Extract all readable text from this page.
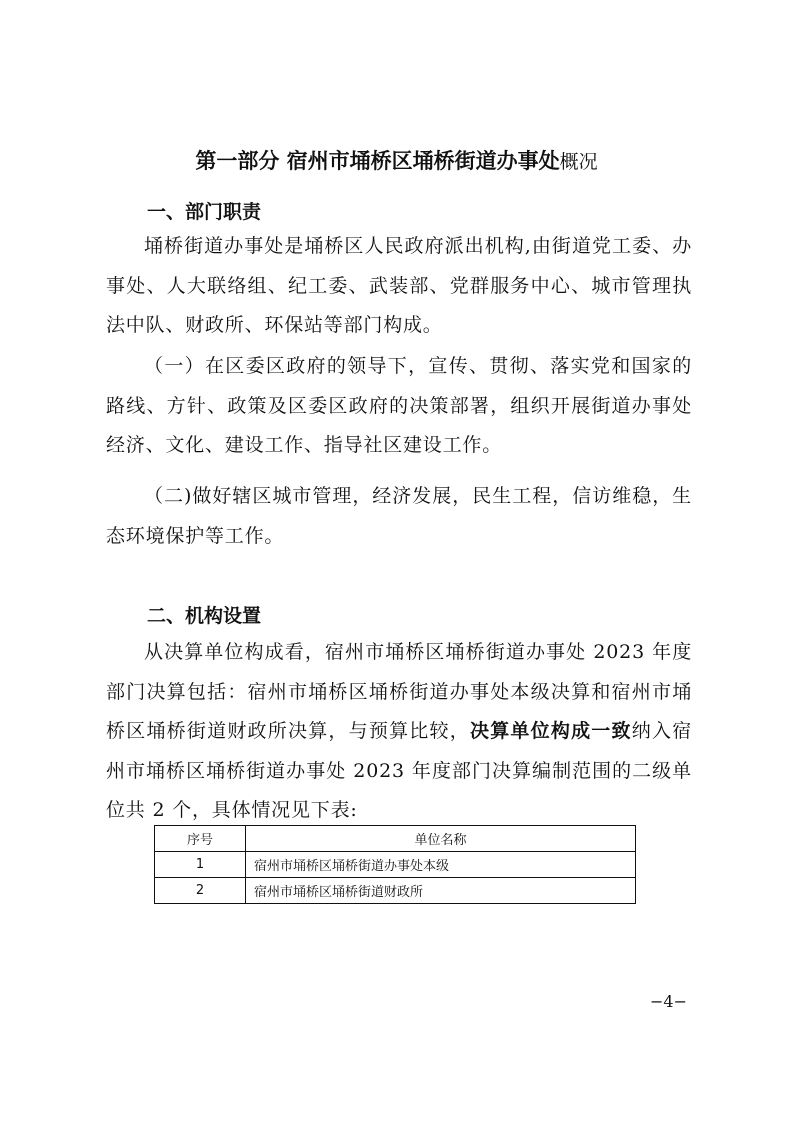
第一部分 宿州市埇桥区埇桥街道办事处概况
一、部门职责

埇桥街道办事处是埇桥区人民政府派出机构,由街道党工委、办事处、人大联络组、纪工委、武装部、党群服务中心、城市管理执法中队、财政所、环保站等部门构成。

（一）在区委区政府的领导下，宣传、贯彻、落实党和国家的路线、方针、政策及区委区政府的决策部署，组织开展街道办事处经济、文化、建设工作、指导社区建设工作。

（二)做好辖区城市管理，经济发展，民生工程，信访维稳，生态环境保护等工作。

二、机构设置

从决算单位构成看，宿州市埇桥区埇桥街道办事处 2023 年度部门决算包括：宿州市埇桥区埇桥街道办事处本级决算和宿州市埇桥区埇桥街道财政所决算，与预算比较，决算单位构成一致纳入宿州市埇桥区埇桥街道办事处 2023 年度部门决算编制范围的二级单位共 2 个，具体情况见下表:

序号	单位名称
1	宿州市埇桥区埇桥街道办事处本级
2	宿州市埇桥区埇桥街道财政所
−4−
